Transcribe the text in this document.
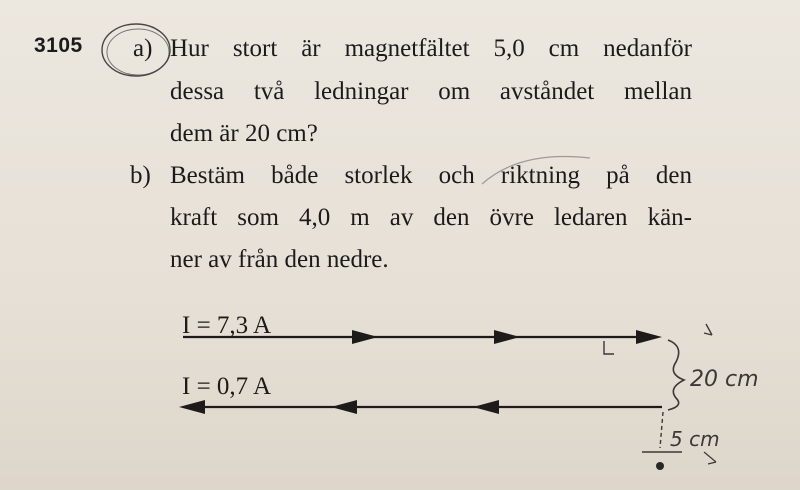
3105 a) Hur stort är magnetfältet 5,0 cm nedanför
dessa två ledningar om avståndet mellan
dem är 20 cm?
b) Bestäm både storlek och riktning på den
kraft som 4,0 m av den övre ledaren kän-
ner av från den nedre.
I = 7,3 A
I = 0,7 A	20 cm
5 cm
